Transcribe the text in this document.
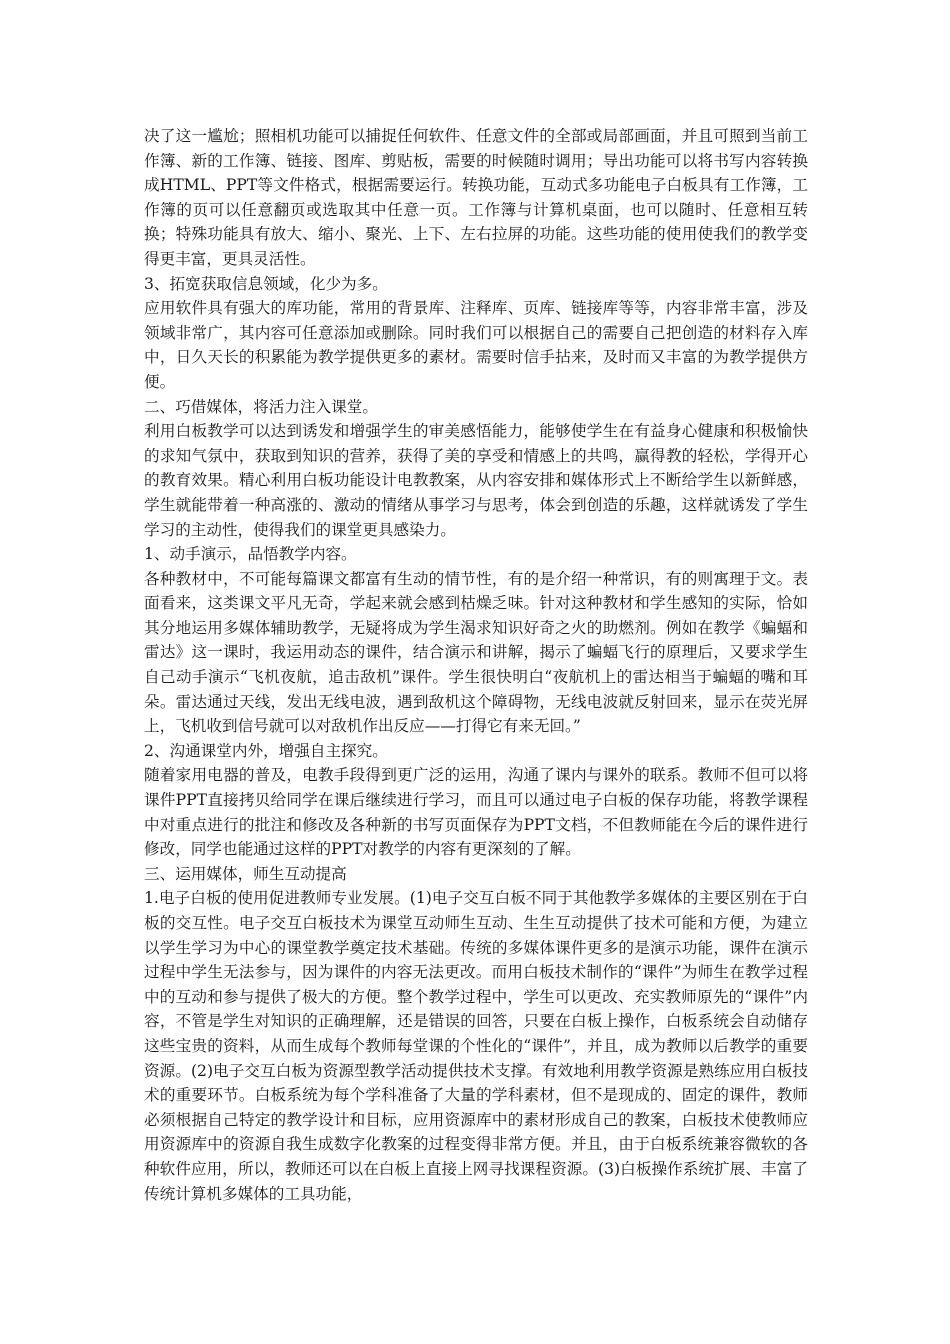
决了这一尴尬；照相机功能可以捕捉任何软件、任意文件的全部或局部画面，并且可照到当前工作簿、新的工作簿、链接、图库、剪贴板，需要的时候随时调用；导出功能可以将书写内容转换成HTML、PPT等文件格式，根据需要运行。转换功能，互动式多功能电子白板具有工作簿，工作簿的页可以任意翻页或选取其中任意一页。工作簿与计算机桌面，也可以随时、任意相互转换；特殊功能具有放大、缩小、聚光、上下、左右拉屏的功能。这些功能的使用使我们的教学变得更丰富，更具灵活性。

3、拓宽获取信息领域，化少为多。

应用软件具有强大的库功能，常用的背景库、注释库、页库、链接库等等，内容非常丰富，涉及领域非常广，其内容可任意添加或删除。同时我们可以根据自己的需要自己把创造的材料存入库中，日久天长的积累能为教学提供更多的素材。需要时信手拈来，及时而又丰富的为教学提供方便。

二、巧借媒体，将活力注入课堂。

利用白板教学可以达到诱发和增强学生的审美感悟能力，能够使学生在有益身心健康和积极愉快的求知气氛中，获取到知识的营养，获得了美的享受和情感上的共鸣，赢得教的轻松，学得开心的教育效果。精心利用白板功能设计电教教案，从内容安排和媒体形式上不断给学生以新鲜感，学生就能带着一种高涨的、激动的情绪从事学习与思考，体会到创造的乐趣，这样就诱发了学生学习的主动性，使得我们的课堂更具感染力。

1、动手演示，品悟教学内容。

各种教材中，不可能每篇课文都富有生动的情节性，有的是介绍一种常识，有的则寓理于文。表面看来，这类课文平凡无奇，学起来就会感到枯燥乏味。针对这种教材和学生感知的实际，恰如其分地运用多媒体辅助教学，无疑将成为学生渴求知识好奇之火的助燃剂。例如在教学《蝙蝠和雷达》这一课时，我运用动态的课件，结合演示和讲解，揭示了蝙蝠飞行的原理后，又要求学生自己动手演示“飞机夜航，追击敌机”课件。学生很快明白“夜航机上的雷达相当于蝙蝠的嘴和耳朵。雷达通过天线，发出无线电波，遇到敌机这个障碍物，无线电波就反射回来，显示在荧光屏上，飞机收到信号就可以对敌机作出反应——打得它有来无回。”

2、沟通课堂内外，增强自主探究。

随着家用电器的普及，电教手段得到更广泛的运用，沟通了课内与课外的联系。教师不但可以将课件PPT直接拷贝给同学在课后继续进行学习，而且可以通过电子白板的保存功能，将教学课程中对重点进行的批注和修改及各种新的书写页面保存为PPT文档，不但教师能在今后的课件进行修改，同学也能通过这样的PPT对教学的内容有更深刻的了解。

三、运用媒体，师生互动提高

1.电子白板的使用促进教师专业发展。(1)电子交互白板不同于其他教学多媒体的主要区别在于白板的交互性。电子交互白板技术为课堂互动师生互动、生生互动提供了技术可能和方便，为建立以学生学习为中心的课堂教学奠定技术基础。传统的多媒体课件更多的是演示功能，课件在演示过程中学生无法参与，因为课件的内容无法更改。而用白板技术制作的“课件”为师生在教学过程中的互动和参与提供了极大的方便。整个教学过程中，学生可以更改、充实教师原先的“课件”内容，不管是学生对知识的正确理解，还是错误的回答，只要在白板上操作，白板系统会自动储存这些宝贵的资料，从而生成每个教师每堂课的个性化的“课件”，并且，成为教师以后教学的重要资源。(2)电子交互白板为资源型教学活动提供技术支撑。有效地利用教学资源是熟练应用白板技术的重要环节。白板系统为每个学科准备了大量的学科素材，但不是现成的、固定的课件，教师必须根据自己特定的教学设计和目标，应用资源库中的素材形成自己的教案，白板技术使教师应用资源库中的资源自我生成数字化教案的过程变得非常方便。并且，由于白板系统兼容微软的各种软件应用，所以，教师还可以在白板上直接上网寻找课程资源。(3)白板操作系统扩展、丰富了传统计算机多媒体的工具功能，
